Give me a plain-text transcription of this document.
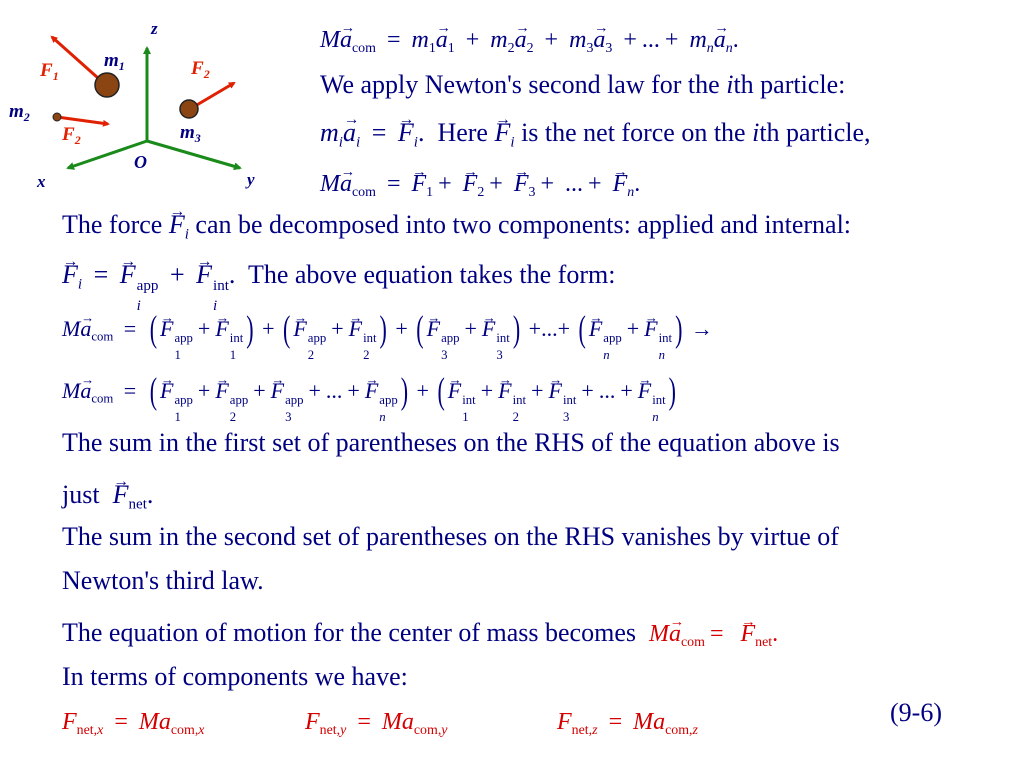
z
x	y
O
$m_1$
$m_2$
$m_3$
$F_1$	$F_2$
$F_2$
$M\to a_{com} = m_1\to a_1 + m_2\to a_2 + m_3\to a_3$ + ... + $m_n\to a_n$.
We apply Newton's second law for the ith particle:
$m_i\to a_i$ = → $F_i$. Here → $F_i$ is the net force on the ith particle,
$M\to a_{com}$ = → $F_1$ + → $F_2$ + → $F_3$ + ... + → $F_n$.
The force → $F_i$ can be decomposed into two components: applied and internal:
→ $F_i$ = → F app
i
+ → F int
i
. The above equation takes the form:
$M\to a_{com}$ = ( → F app
1
+ → F int
1
) + ( → F app
2
+ → F int
2
) + ( → F app
3
+ → F int
3
) +...+ ( → F app
n
+ → F int
n
) →
$M\to a_{com}$ = ( → F app
1
+ → F app
2
+ → F app
3
+ ... + → F app
n
) + ( → F int
1
+ → F int
2
+ → F int
3
+ ... + → F int
n
)
The sum in the first set of parentheses on the RHS of the equation above is
just → $F_{net}$.
The sum in the second set of parentheses on the RHS vanishes by virtue of
Newton's third law.
The equation of motion for the center of mass becomes $M\to a_{com}$ = → $F_{net}$.
In terms of components we have:
$F_{net,x} = Ma_{com,x}$	$F_{net,y} = Ma_{com,y}$	$F_{net,z} = Ma_{com,z}$
(9-6)
